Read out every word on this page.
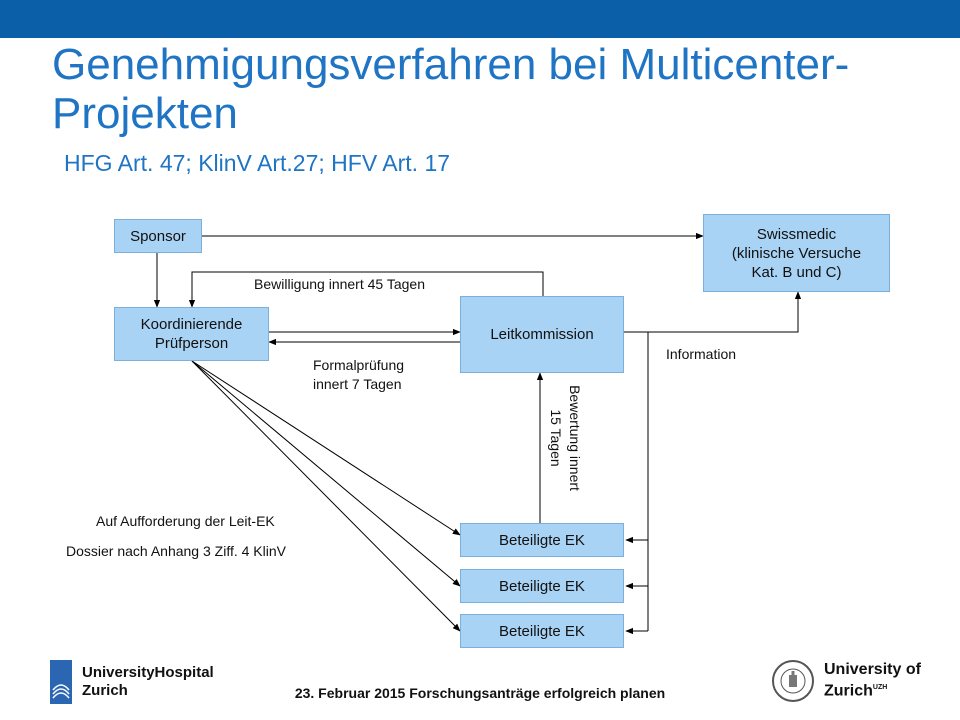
Genehmigungsverfahren bei Multicenter-
Projekten
HFG Art. 47; KlinV Art.27; HFV Art. 17
Sponsor	Swissmedic
(klinische Versuche
Kat. B und C)
Koordinierende
Prüfperson
Leitkommission
Beteiligte EK
Beteiligte EK
Beteiligte EK
Bewilligung innert 45 Tagen
Formalprüfung
innert 7 Tagen
Information
Bewertung innert
15 Tagen
Auf Aufforderung der Leit-EK
Dossier nach Anhang 3 Ziff. 4 KlinV
UniversityHospital
Zurich	23. Februar 2015 Forschungsanträge erfolgreich planen
University of
Zurich$^{UZH}$
